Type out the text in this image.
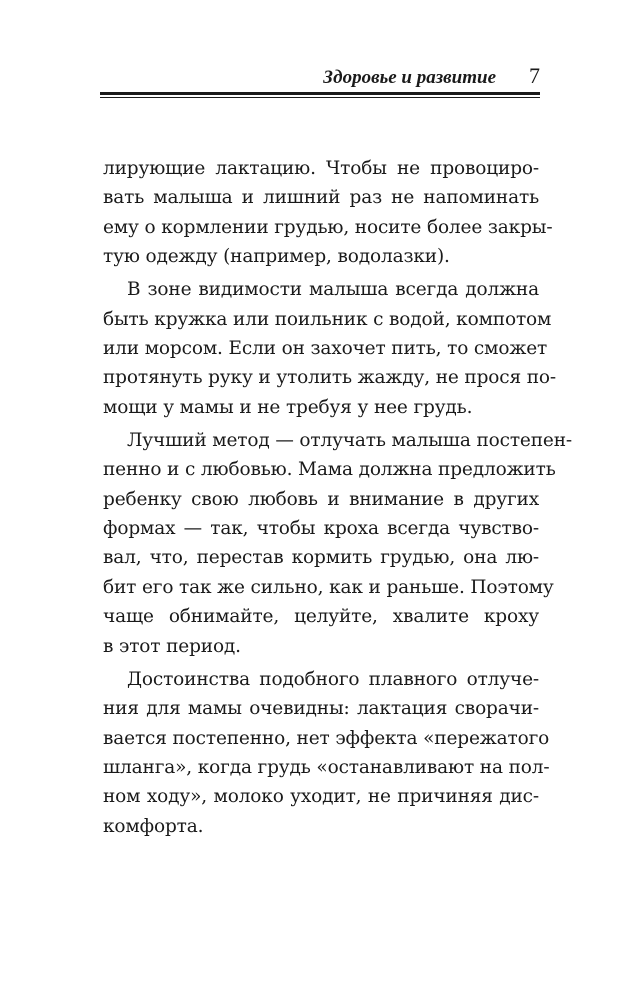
Здоровье и развитие 7
лирующие лактацию. Чтобы не провоциро-
вать малыша и лишний раз не напоминать
ему о кормлении грудью, носите более закры-
тую одежду (например, водолазки).
В зоне видимости малыша всегда должна
быть кружка или поильник с водой, компотом
или морсом. Если он захочет пить, то сможет
протянуть руку и утолить жажду, не прося по-
мощи у мамы и не требуя у нее грудь.
Лучший метод — отлучать малыша постепен-
пенно и с любовью. Мама должна предложить
ребенку свою любовь и внимание в других
формах — так, чтобы кроха всегда чувство-
вал, что, перестав кормить грудью, она лю-
бит его так же сильно, как и раньше. Поэтому
чаще обнимайте, целуйте, хвалите кроху
в этот период.
Достоинства подобного плавного отлуче-
ния для мамы очевидны: лактация сворачи-
вается постепенно, нет эффекта «пережатого
шланга», когда грудь «останавливают на пол-
ном ходу», молоко уходит, не причиняя дис-
комфорта.
